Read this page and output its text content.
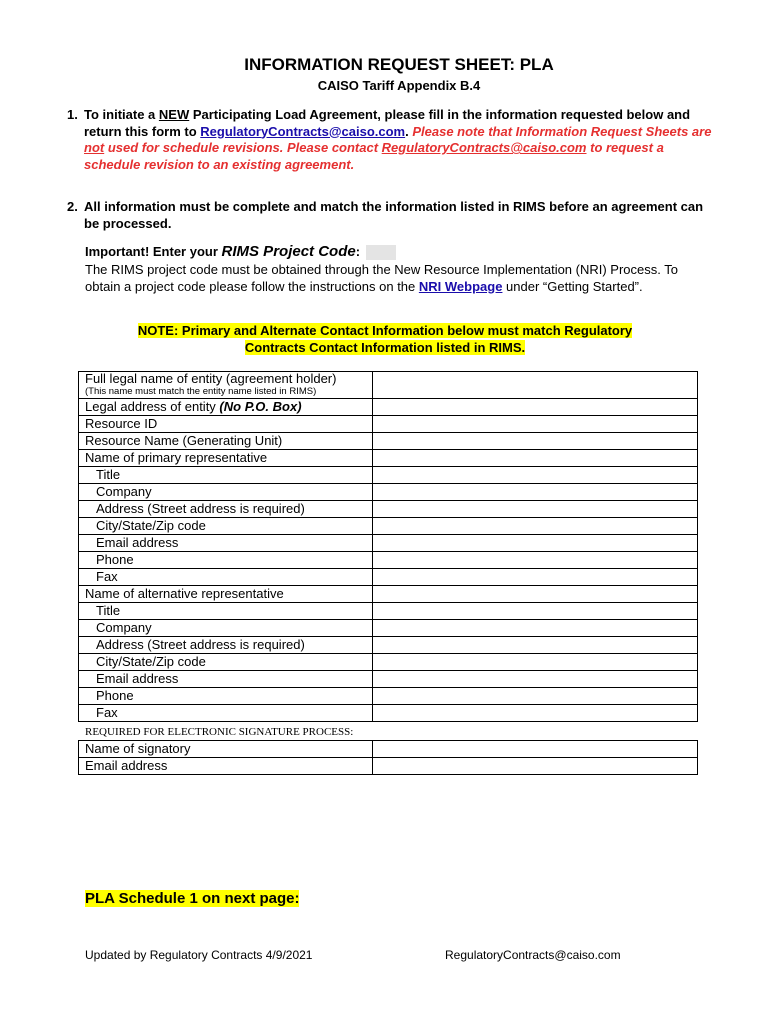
INFORMATION REQUEST SHEET: PLA
CAISO Tariff Appendix B.4
1. To initiate a NEW Participating Load Agreement, please fill in the information requested below and return this form to RegulatoryContracts@caiso.com. Please note that Information Request Sheets are not used for schedule revisions. Please contact RegulatoryContracts@caiso.com to request a schedule revision to an existing agreement.
2. All information must be complete and match the information listed in RIMS before an agreement can be processed.
Important! Enter your RIMS Project Code:
The RIMS project code must be obtained through the New Resource Implementation (NRI) Process. To obtain a project code please follow the instructions on the NRI Webpage under “Getting Started”.
NOTE: Primary and Alternate Contact Information below must match Regulatory
Contracts Contact Information listed in RIMS.
Full legal name of entity (agreement holder)
(This name must match the entity name listed in RIMS)	

Legal address of entity (No P.O. Box)	
Resource ID	
Resource Name (Generating Unit)	
Name of primary representative	
Title	
Company	
Address (Street address is required)	
City/State/Zip code	
Email address	
Phone	
Fax	
Name of alternative representative	
Title	
Company	
Address (Street address is required)	
City/State/Zip code	
Email address	
Phone	
Fax	
REQUIRED FOR ELECTRONIC SIGNATURE PROCESS:
Name of signatory	
Email address	
PLA Schedule 1 on next page:
Updated by Regulatory Contracts 4/9/2021	RegulatoryContracts@caiso.com
